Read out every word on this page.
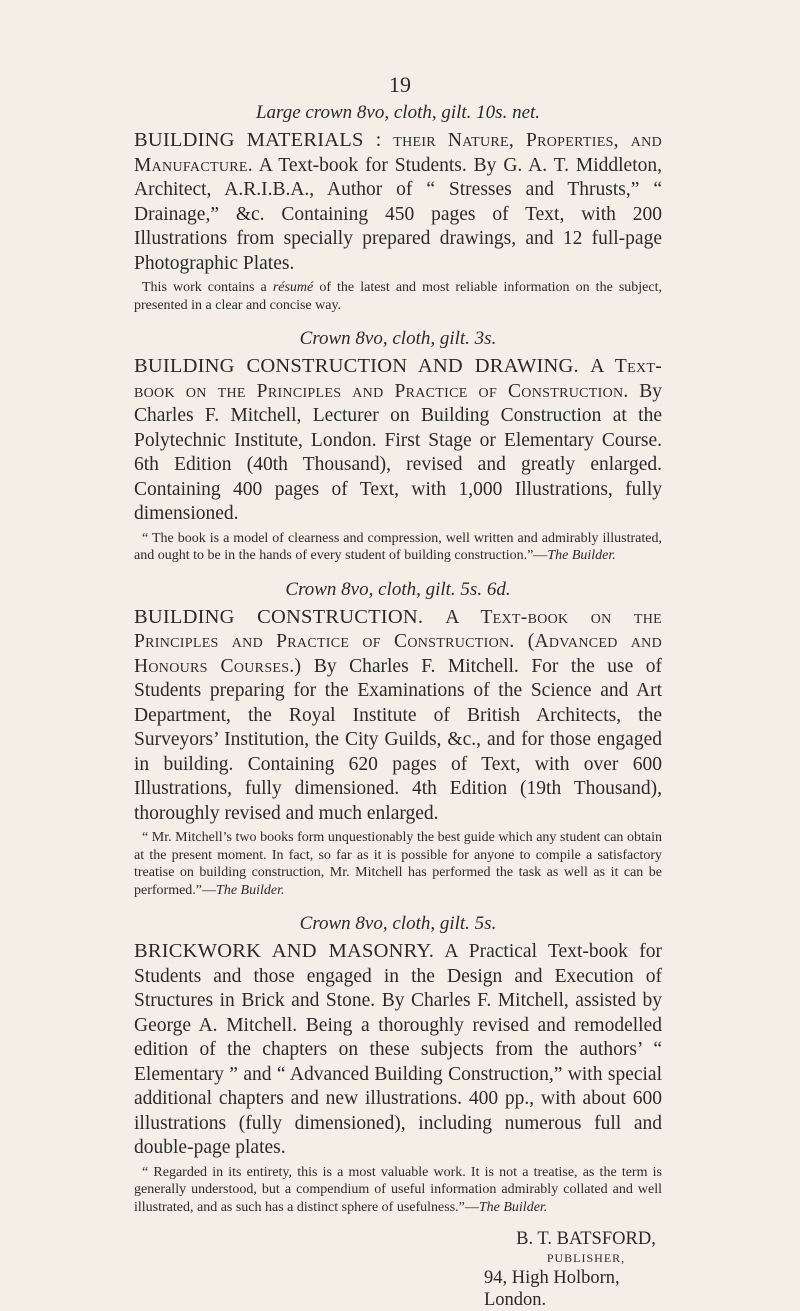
19

Large crown 8vo, cloth, gilt. 10s. net.

BUILDING MATERIALS : their Nature, Properties, and Manufacture. A Text-book for Students. By G. A. T. Middleton, Architect, A.R.I.B.A., Author of “ Stresses and Thrusts,” “ Drainage,” &c. Containing 450 pages of Text, with 200 Illustrations from specially prepared drawings, and 12 full-page Photographic Plates.

This work contains a résumé of the latest and most reliable information on the subject, presented in a clear and concise way.

Crown 8vo, cloth, gilt. 3s.

BUILDING CONSTRUCTION AND DRAWING. A Text-book on the Principles and Practice of Construction. By Charles F. Mitchell, Lecturer on Building Construction at the Polytechnic Institute, London. First Stage or Elementary Course. 6th Edition (40th Thousand), revised and greatly enlarged. Containing 400 pages of Text, with 1,000 Illustrations, fully dimensioned.

“ The book is a model of clearness and compression, well written and admirably illustrated, and ought to be in the hands of every student of building construction.”—The Builder.

Crown 8vo, cloth, gilt. 5s. 6d.

BUILDING CONSTRUCTION. A Text-book on the Principles and Practice of Construction. (Advanced and Honours Courses.) By Charles F. Mitchell. For the use of Students preparing for the Examinations of the Science and Art Department, the Royal Institute of British Architects, the Surveyors’ Institution, the City Guilds, &c., and for those engaged in building. Containing 620 pages of Text, with over 600 Illustrations, fully dimensioned. 4th Edition (19th Thousand), thoroughly revised and much enlarged.

“ Mr. Mitchell’s two books form unquestionably the best guide which any student can obtain at the present moment. In fact, so far as it is possible for anyone to compile a satisfactory treatise on building construction, Mr. Mitchell has performed the task as well as it can be performed.”—The Builder.

Crown 8vo, cloth, gilt. 5s.

BRICKWORK AND MASONRY. A Practical Text-book for Students and those engaged in the Design and Execution of Structures in Brick and Stone. By Charles F. Mitchell, assisted by George A. Mitchell. Being a thoroughly revised and remodelled edition of the chapters on these subjects from the authors’ “ Elementary ” and “ Advanced Building Construction,” with special additional chapters and new illustrations. 400 pp., with about 600 illustrations (fully dimensioned), including numerous full and double-page plates.

“ Regarded in its entirety, this is a most valuable work. It is not a treatise, as the term is generally understood, but a compendium of useful information admirably collated and well illustrated, and as such has a distinct sphere of usefulness.”—The Builder.

B. T. BATSFORD,
PUBLISHER,
94, High Holborn, London.
